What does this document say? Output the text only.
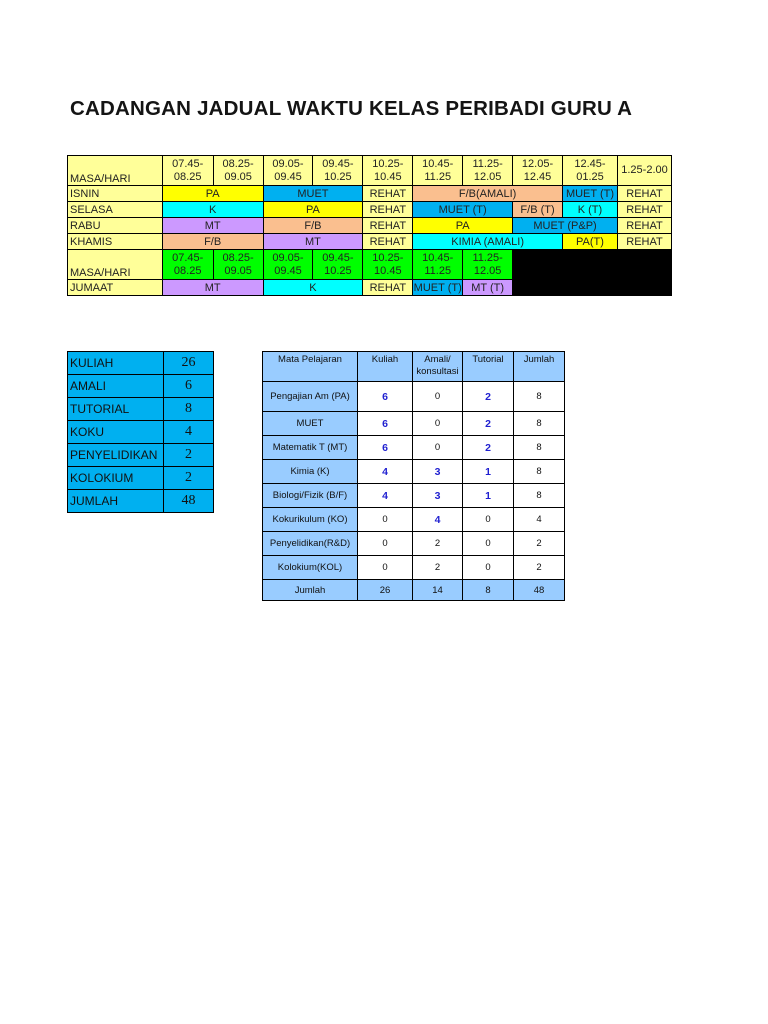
CADANGAN JADUAL WAKTU KELAS PERIBADI GURU A
MASA/HARI	07.45-08.25	08.25-09.05	09.05-09.45	09.45-10.25	10.25-10.45	10.45-11.25	11.25-12.05	12.05-12.45	12.45-01.25	1.25-2.00
ISNIN	PA		MUET		REHAT	F/B(AMALI)			MUET (T)	REHAT
SELASA	K		PA		REHAT	MUET (T)		F/B (T)	K (T)	REHAT
RABU	MT		F/B		REHAT	PA		MUET (P&P)		REHAT
KHAMIS	F/B		MT		REHAT	KIMIA (AMALI)			PA(T)	REHAT
MASA/HARI	07.45-08.25	08.25-09.05	09.05-09.45	09.45-10.25	10.25-10.45	10.45-11.25	11.25-12.05			
JUMAAT	MT		K		REHAT	MUET (T)	MT (T)			
KULIAH	26
AMALI	6
TUTORIAL	8
KOKU	4
PENYELIDIKAN	2
KOLOKIUM	2
JUMLAH	48
Mata Pelajaran	Kuliah	Amali/ konsultasi	Tutorial	Jumlah
Pengajian Am (PA)	6	0	2	8
MUET	6	0	2	8
Matematik T (MT)	6	0	2	8
Kimia (K)	4	3	1	8
Biologi/Fizik (B/F)	4	3	1	8
Kokurikulum (KO)	0	4	0	4
Penyelidikan(R&D)	0	2	0	2
Kolokium(KOL)	0	2	0	2
Jumlah	26	14	8	48
